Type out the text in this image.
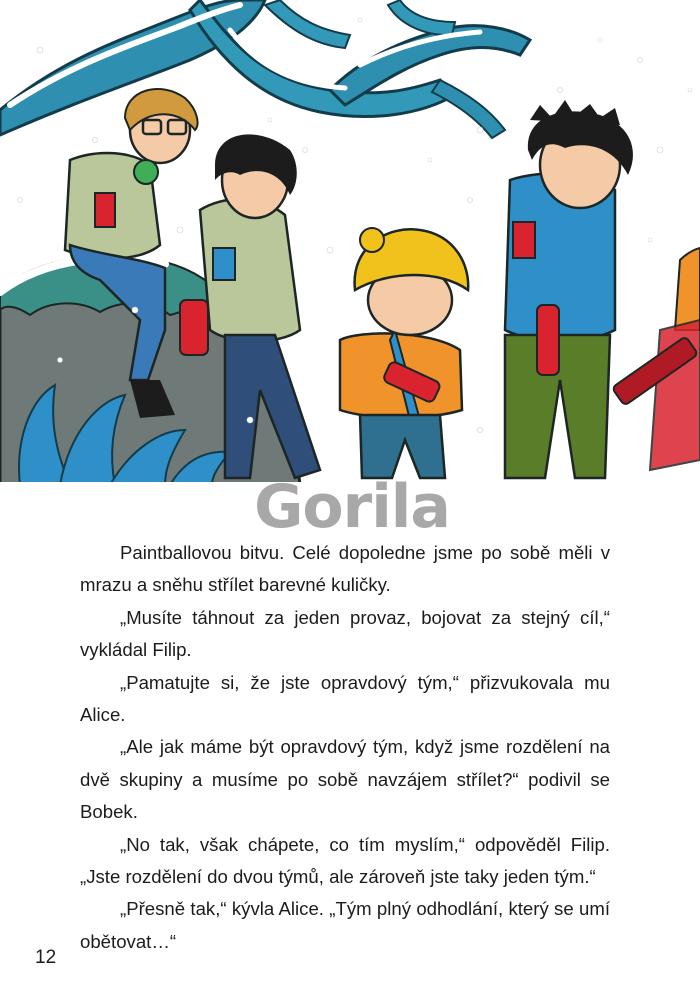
Gorila

Paintballovou bitvu. Celé dopoledne jsme po sobě měli v mrazu a sněhu střílet barevné kuličky.

„Musíte táhnout za jeden provaz, bojovat za stejný cíl,“ vykládal Filip.

„Pamatujte si, že jste opravdový tým,“ přizvukovala mu Alice.

„Ale jak máme být opravdový tým, když jsme rozdělení na dvě skupiny a musíme po sobě navzájem střílet?“ podivil se Bobek.

„No tak, však chápete, co tím myslím,“ odpověděl Filip. „Jste rozdělení do dvou týmů, ale zároveň jste taky jeden tým.“

„Přesně tak,“ kývla Alice. „Tým plný odhodlání, který se umí obětovat…“

12
